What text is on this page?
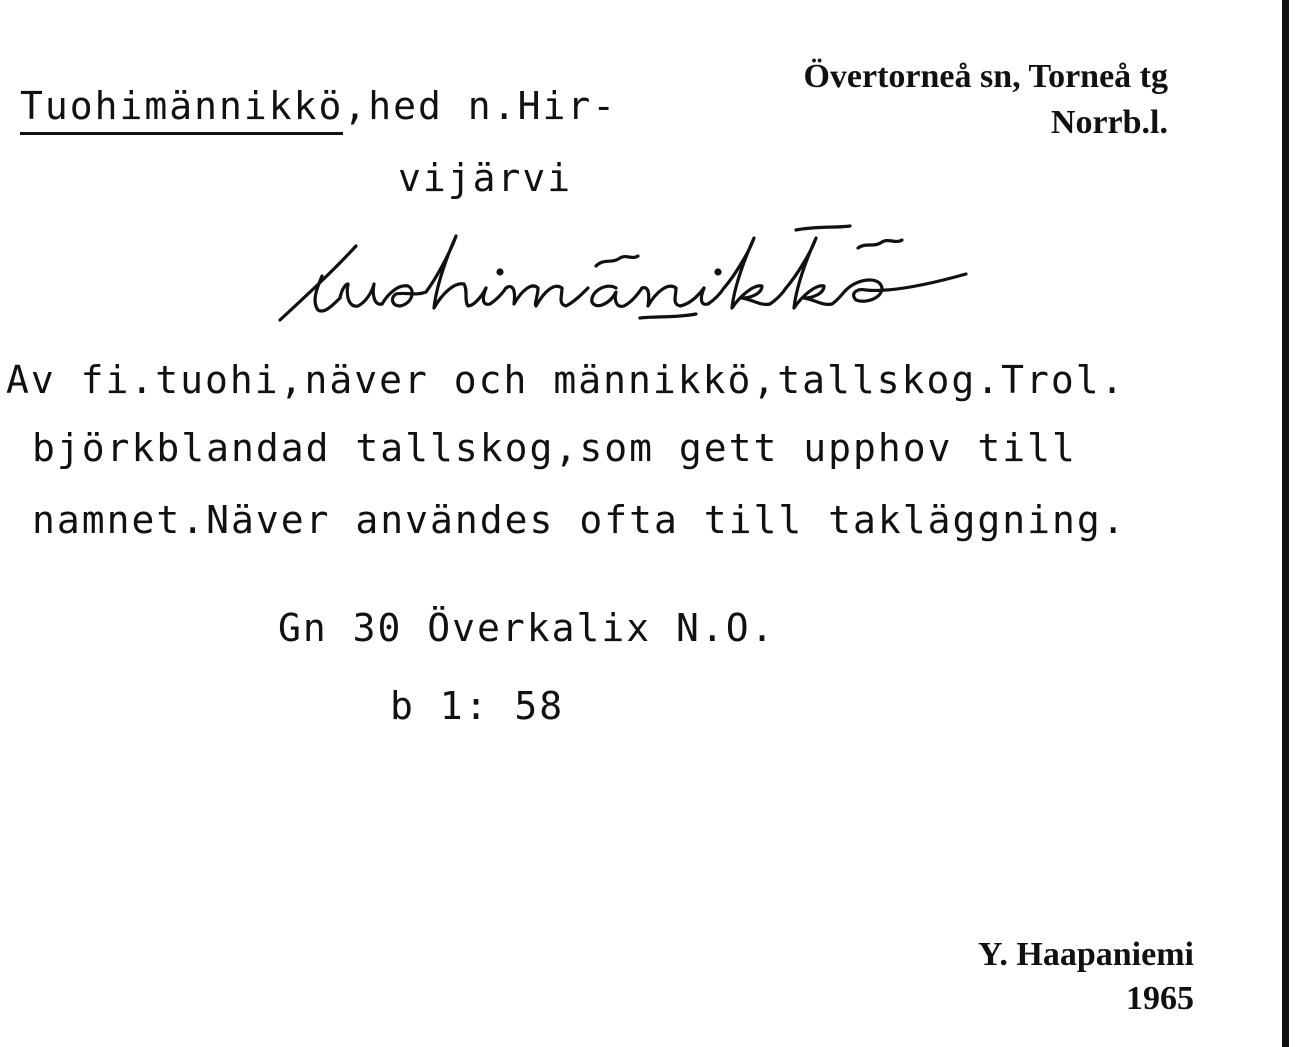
Tuohimännikkö,hed n.Hir-
vijärvi
Övertorneå sn, Torneå tg
Norrb.l.
Av fi.tuohi,näver och männikkö,tallskog.Trol.
björkblandad tallskog,som gett upphov till
namnet.Näver användes ofta till takläggning.
Gn 30 Överkalix N.O.
b 1: 58
Y. Haapaniemi
1965
